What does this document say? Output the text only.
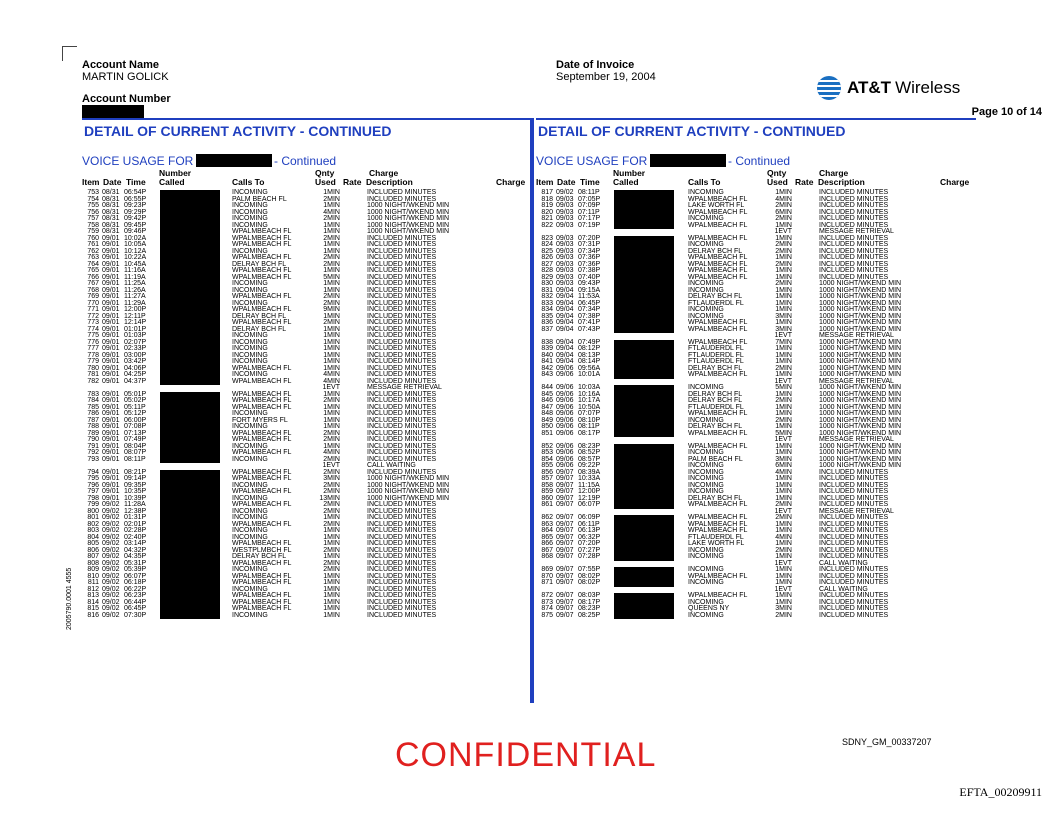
Account Name
MARTIN GOLICK
Account Number
Date of Invoice
September 19, 2004
AT&T Wireless
Page 10 of 14
DETAIL OF CURRENT ACTIVITY - CONTINUED
VOICE USAGE FOR	- Continued
Number	Qnty	Charge
Item Date Time Called	Calls To	Used Rate Description	Charge
753 08/31 06:54P	INCOMING	1MIN	INCLUDED MINUTES
754 08/31 06:55P	PALM BEACH FL	2MIN	INCLUDED MINUTES
755 08/31 09:23P	INCOMING	1MIN	1000 NIGHT/WKEND MIN
756 08/31 09:29P	INCOMING	4MIN	1000 NIGHT/WKEND MIN
757 08/31 09:42P	INCOMING	2MIN	1000 NIGHT/WKEND MIN
758 08/31 09:45P	INCOMING	1MIN	1000 NIGHT/WKEND MIN
759 08/31 09:46P	WPALMBEACH FL	1MIN	1000 NIGHT/WKEND MIN
760 09/01 10:02A	WPALMBEACH FL	2MIN	INCLUDED MINUTES
761 09/01 10:05A	WPALMBEACH FL	1MIN	INCLUDED MINUTES
762 09/01 10:12A	INCOMING	1MIN	INCLUDED MINUTES
763 09/01 10:22A	WPALMBEACH FL	2MIN	INCLUDED MINUTES
764 09/01 10:45A	DELRAY BCH FL	2MIN	INCLUDED MINUTES
765 09/01 11:16A	WPALMBEACH FL	1MIN	INCLUDED MINUTES
766 09/01 11:19A	WPALMBEACH FL	5MIN	INCLUDED MINUTES
767 09/01 11:25A	INCOMING	1MIN	INCLUDED MINUTES
768 09/01 11:26A	INCOMING	1MIN	INCLUDED MINUTES
769 09/01 11:27A	WPALMBEACH FL	2MIN	INCLUDED MINUTES
770 09/01 11:29A	INCOMING	2MIN	INCLUDED MINUTES
771 09/01 12:00P	WPALMBEACH FL	9MIN	INCLUDED MINUTES
772 09/01 12:11P	DELRAY BCH FL	1MIN	INCLUDED MINUTES
773 09/01 12:14P	WPALMBEACH FL	2MIN	INCLUDED MINUTES
774 09/01 01:01P	DELRAY BCH FL	1MIN	INCLUDED MINUTES
775 09/01 01:03P	INCOMING	1MIN	INCLUDED MINUTES
776 09/01 02:07P	INCOMING	1MIN	INCLUDED MINUTES
777 09/01 02:33P	INCOMING	1MIN	INCLUDED MINUTES
778 09/01 03:00P	INCOMING	1MIN	INCLUDED MINUTES
779 09/01 03:42P	INCOMING	1MIN	INCLUDED MINUTES
780 09/01 04:06P	WPALMBEACH FL	1MIN	INCLUDED MINUTES
781 09/01 04:25P	INCOMING	4MIN	INCLUDED MINUTES
782 09/01 04:37P	WPALMBEACH FL	4MIN	INCLUDED MINUTES
1EVT	MESSAGE RETRIEVAL
783 09/01 05:01P	WPALMBEACH FL	1MIN	INCLUDED MINUTES
784 09/01 05:02P	WPALMBEACH FL	2MIN	INCLUDED MINUTES
785 09/01 05:11P	WPALMBEACH FL	1MIN	INCLUDED MINUTES
786 09/01 05:12P	INCOMING	1MIN	INCLUDED MINUTES
787 09/01 06:00P	FORT MYERS FL	1MIN	INCLUDED MINUTES
788 09/01 07:08P	INCOMING	1MIN	INCLUDED MINUTES
789 09/01 07:13P	WPALMBEACH FL	2MIN	INCLUDED MINUTES
790 09/01 07:49P	WPALMBEACH FL	2MIN	INCLUDED MINUTES
791 09/01 08:04P	INCOMING	1MIN	INCLUDED MINUTES
792 09/01 08:07P	WPALMBEACH FL	4MIN	INCLUDED MINUTES
793 09/01 08:11P	INCOMING	2MIN	INCLUDED MINUTES
1EVT	CALL WAITING
794 09/01 08:21P	WPALMBEACH FL	2MIN	INCLUDED MINUTES
795 09/01 09:14P	WPALMBEACH FL	3MIN	1000 NIGHT/WKEND MIN
796 09/01 09:35P	INCOMING	2MIN	1000 NIGHT/WKEND MIN
797 09/01 10:35P	WPALMBEACH FL	2MIN	1000 NIGHT/WKEND MIN
798 09/01 10:39P	INCOMING	13MIN	1000 NIGHT/WKEND MIN
799 09/02 11:28A	WPALMBEACH FL	2MIN	INCLUDED MINUTES
800 09/02 12:38P	INCOMING	2MIN	INCLUDED MINUTES
801 09/02 01:31P	INCOMING	1MIN	INCLUDED MINUTES
802 09/02 02:01P	WPALMBEACH FL	2MIN	INCLUDED MINUTES
803 09/02 02:28P	INCOMING	1MIN	INCLUDED MINUTES
804 09/02 02:40P	INCOMING	1MIN	INCLUDED MINUTES
805 09/02 03:14P	WPALMBEACH FL	1MIN	INCLUDED MINUTES
806 09/02 04:32P	WESTPLMBCH FL	2MIN	INCLUDED MINUTES
807 09/02 04:35P	DELRAY BCH FL	1MIN	INCLUDED MINUTES
808 09/02 05:31P	WPALMBEACH FL	2MIN	INCLUDED MINUTES
809 09/02 05:39P	INCOMING	2MIN	INCLUDED MINUTES
810 09/02 06:07P	WPALMBEACH FL	1MIN	INCLUDED MINUTES
811 09/02 06:18P	WPALMBEACH FL	1MIN	INCLUDED MINUTES
812 09/02 06:22P	INCOMING	1MIN	INCLUDED MINUTES
813 09/02 06:23P	WPALMBEACH FL	1MIN	INCLUDED MINUTES
814 09/02 06:44P	WPALMBEACH FL	1MIN	INCLUDED MINUTES
815 09/02 06:45P	WPALMBEACH FL	1MIN	INCLUDED MINUTES
816 09/02 07:30P	INCOMING	1MIN	INCLUDED MINUTES
DETAIL OF CURRENT ACTIVITY - CONTINUED
VOICE USAGE FOR	- Continued
Number	Qnty	Charge
Item Date Time Called	Calls To	Used Rate Description	Charge
817 09/02 08:11P	INCOMING	1MIN	INCLUDED MINUTES
818 09/03 07:05P	WPALMBEACH FL	4MIN	INCLUDED MINUTES
819 09/03 07:09P	LAKE WORTH FL	2MIN	INCLUDED MINUTES
820 09/03 07:11P	WPALMBEACH FL	6MIN	INCLUDED MINUTES
821 09/03 07:17P	INCOMING	2MIN	INCLUDED MINUTES
822 09/03 07:19P	WPALMBEACH FL	1MIN	INCLUDED MINUTES
1EVT	MESSAGE RETRIEVAL
823 09/03 07:20P	WPALMBEACH FL	1MIN	INCLUDED MINUTES
824 09/03 07:31P	INCOMING	2MIN	INCLUDED MINUTES
825 09/03 07:34P	DELRAY BCH FL	2MIN	INCLUDED MINUTES
826 09/03 07:36P	WPALMBEACH FL	1MIN	INCLUDED MINUTES
827 09/03 07:36P	WPALMBEACH FL	2MIN	INCLUDED MINUTES
828 09/03 07:38P	WPALMBEACH FL	1MIN	INCLUDED MINUTES
829 09/03 07:40P	WPALMBEACH FL	1MIN	INCLUDED MINUTES
830 09/03 09:43P	INCOMING	2MIN	1000 NIGHT/WKEND MIN
831 09/04 09:15A	INCOMING	1MIN	1000 NIGHT/WKEND MIN
832 09/04 11:53A	DELRAY BCH FL	1MIN	1000 NIGHT/WKEND MIN
833 09/04 06:45P	FTLAUDERDL FL	1MIN	1000 NIGHT/WKEND MIN
834 09/04 07:34P	INCOMING	1MIN	1000 NIGHT/WKEND MIN
835 09/04 07:38P	INCOMING	3MIN	1000 NIGHT/WKEND MIN
836 09/04 07:41P	WPALMBEACH FL	1MIN	1000 NIGHT/WKEND MIN
837 09/04 07:43P	WPALMBEACH FL	3MIN	1000 NIGHT/WKEND MIN
1EVT	MESSAGE RETRIEVAL
838 09/04 07:49P	WPALMBEACH FL	7MIN	1000 NIGHT/WKEND MIN
839 09/04 08:12P	FTLAUDERDL FL	1MIN	1000 NIGHT/WKEND MIN
840 09/04 08:13P	FTLAUDERDL FL	1MIN	1000 NIGHT/WKEND MIN
841 09/04 08:14P	FTLAUDERDL FL	1MIN	1000 NIGHT/WKEND MIN
842 09/06 09:56A	DELRAY BCH FL	2MIN	1000 NIGHT/WKEND MIN
843 09/06 10:01A	WPALMBEACH FL	1MIN	1000 NIGHT/WKEND MIN
1EVT	MESSAGE RETRIEVAL
844 09/06 10:03A	INCOMING	5MIN	1000 NIGHT/WKEND MIN
845 09/06 10:16A	DELRAY BCH FL	1MIN	1000 NIGHT/WKEND MIN
846 09/06 10:17A	DELRAY BCH FL	2MIN	1000 NIGHT/WKEND MIN
847 09/06 10:50A	FTLAUDERDL FL	1MIN	1000 NIGHT/WKEND MIN
848 09/06 07:07P	WPALMBEACH FL	1MIN	1000 NIGHT/WKEND MIN
849 09/06 08:10P	INCOMING	2MIN	1000 NIGHT/WKEND MIN
850 09/06 08:11P	DELRAY BCH FL	1MIN	1000 NIGHT/WKEND MIN
851 09/06 08:17P	WPALMBEACH FL	5MIN	1000 NIGHT/WKEND MIN
1EVT	MESSAGE RETRIEVAL
852 09/06 08:23P	WPALMBEACH FL	1MIN	1000 NIGHT/WKEND MIN
853 09/06 08:52P	INCOMING	1MIN	1000 NIGHT/WKEND MIN
854 09/06 08:57P	PALM BEACH FL	3MIN	1000 NIGHT/WKEND MIN
855 09/06 09:22P	INCOMING	6MIN	1000 NIGHT/WKEND MIN
856 09/07 08:39A	INCOMING	4MIN	INCLUDED MINUTES
857 09/07 10:33A	INCOMING	1MIN	INCLUDED MINUTES
858 09/07 11:15A	INCOMING	1MIN	INCLUDED MINUTES
859 09/07 12:00P	INCOMING	1MIN	INCLUDED MINUTES
860 09/07 12:19P	DELRAY BCH FL	1MIN	INCLUDED MINUTES
861 09/07 06:07P	WPALMBEACH FL	2MIN	INCLUDED MINUTES
1EVT	MESSAGE RETRIEVAL
862 09/07 06:09P	WPALMBEACH FL	2MIN	INCLUDED MINUTES
863 09/07 06:11P	WPALMBEACH FL	1MIN	INCLUDED MINUTES
864 09/07 06:13P	WPALMBEACH FL	1MIN	INCLUDED MINUTES
865 09/07 06:32P	FTLAUDERDL FL	4MIN	INCLUDED MINUTES
866 09/07 07:20P	LAKE WORTH FL	1MIN	INCLUDED MINUTES
867 09/07 07:27P	INCOMING	2MIN	INCLUDED MINUTES
868 09/07 07:28P	INCOMING	1MIN	INCLUDED MINUTES
1EVT	CALL WAITING
869 09/07 07:55P	INCOMING	1MIN	INCLUDED MINUTES
870 09/07 08:02P	WPALMBEACH FL	1MIN	INCLUDED MINUTES
871 09/07 08:02P	INCOMING	1MIN	INCLUDED MINUTES
1EVT	CALL WAITING
872 09/07 08:03P	WPALMBEACH FL	1MIN	INCLUDED MINUTES
873 09/07 08:17P	INCOMING	1MIN	INCLUDED MINUTES
874 09/07 08:23P	QUEENS NY	3MIN	INCLUDED MINUTES
875 09/07 08:25P	INCOMING	2MIN	INCLUDED MINUTES
2005790.0001 4555
CONFIDENTIAL	SDNY_GM_00337207
EFTA_00209911
